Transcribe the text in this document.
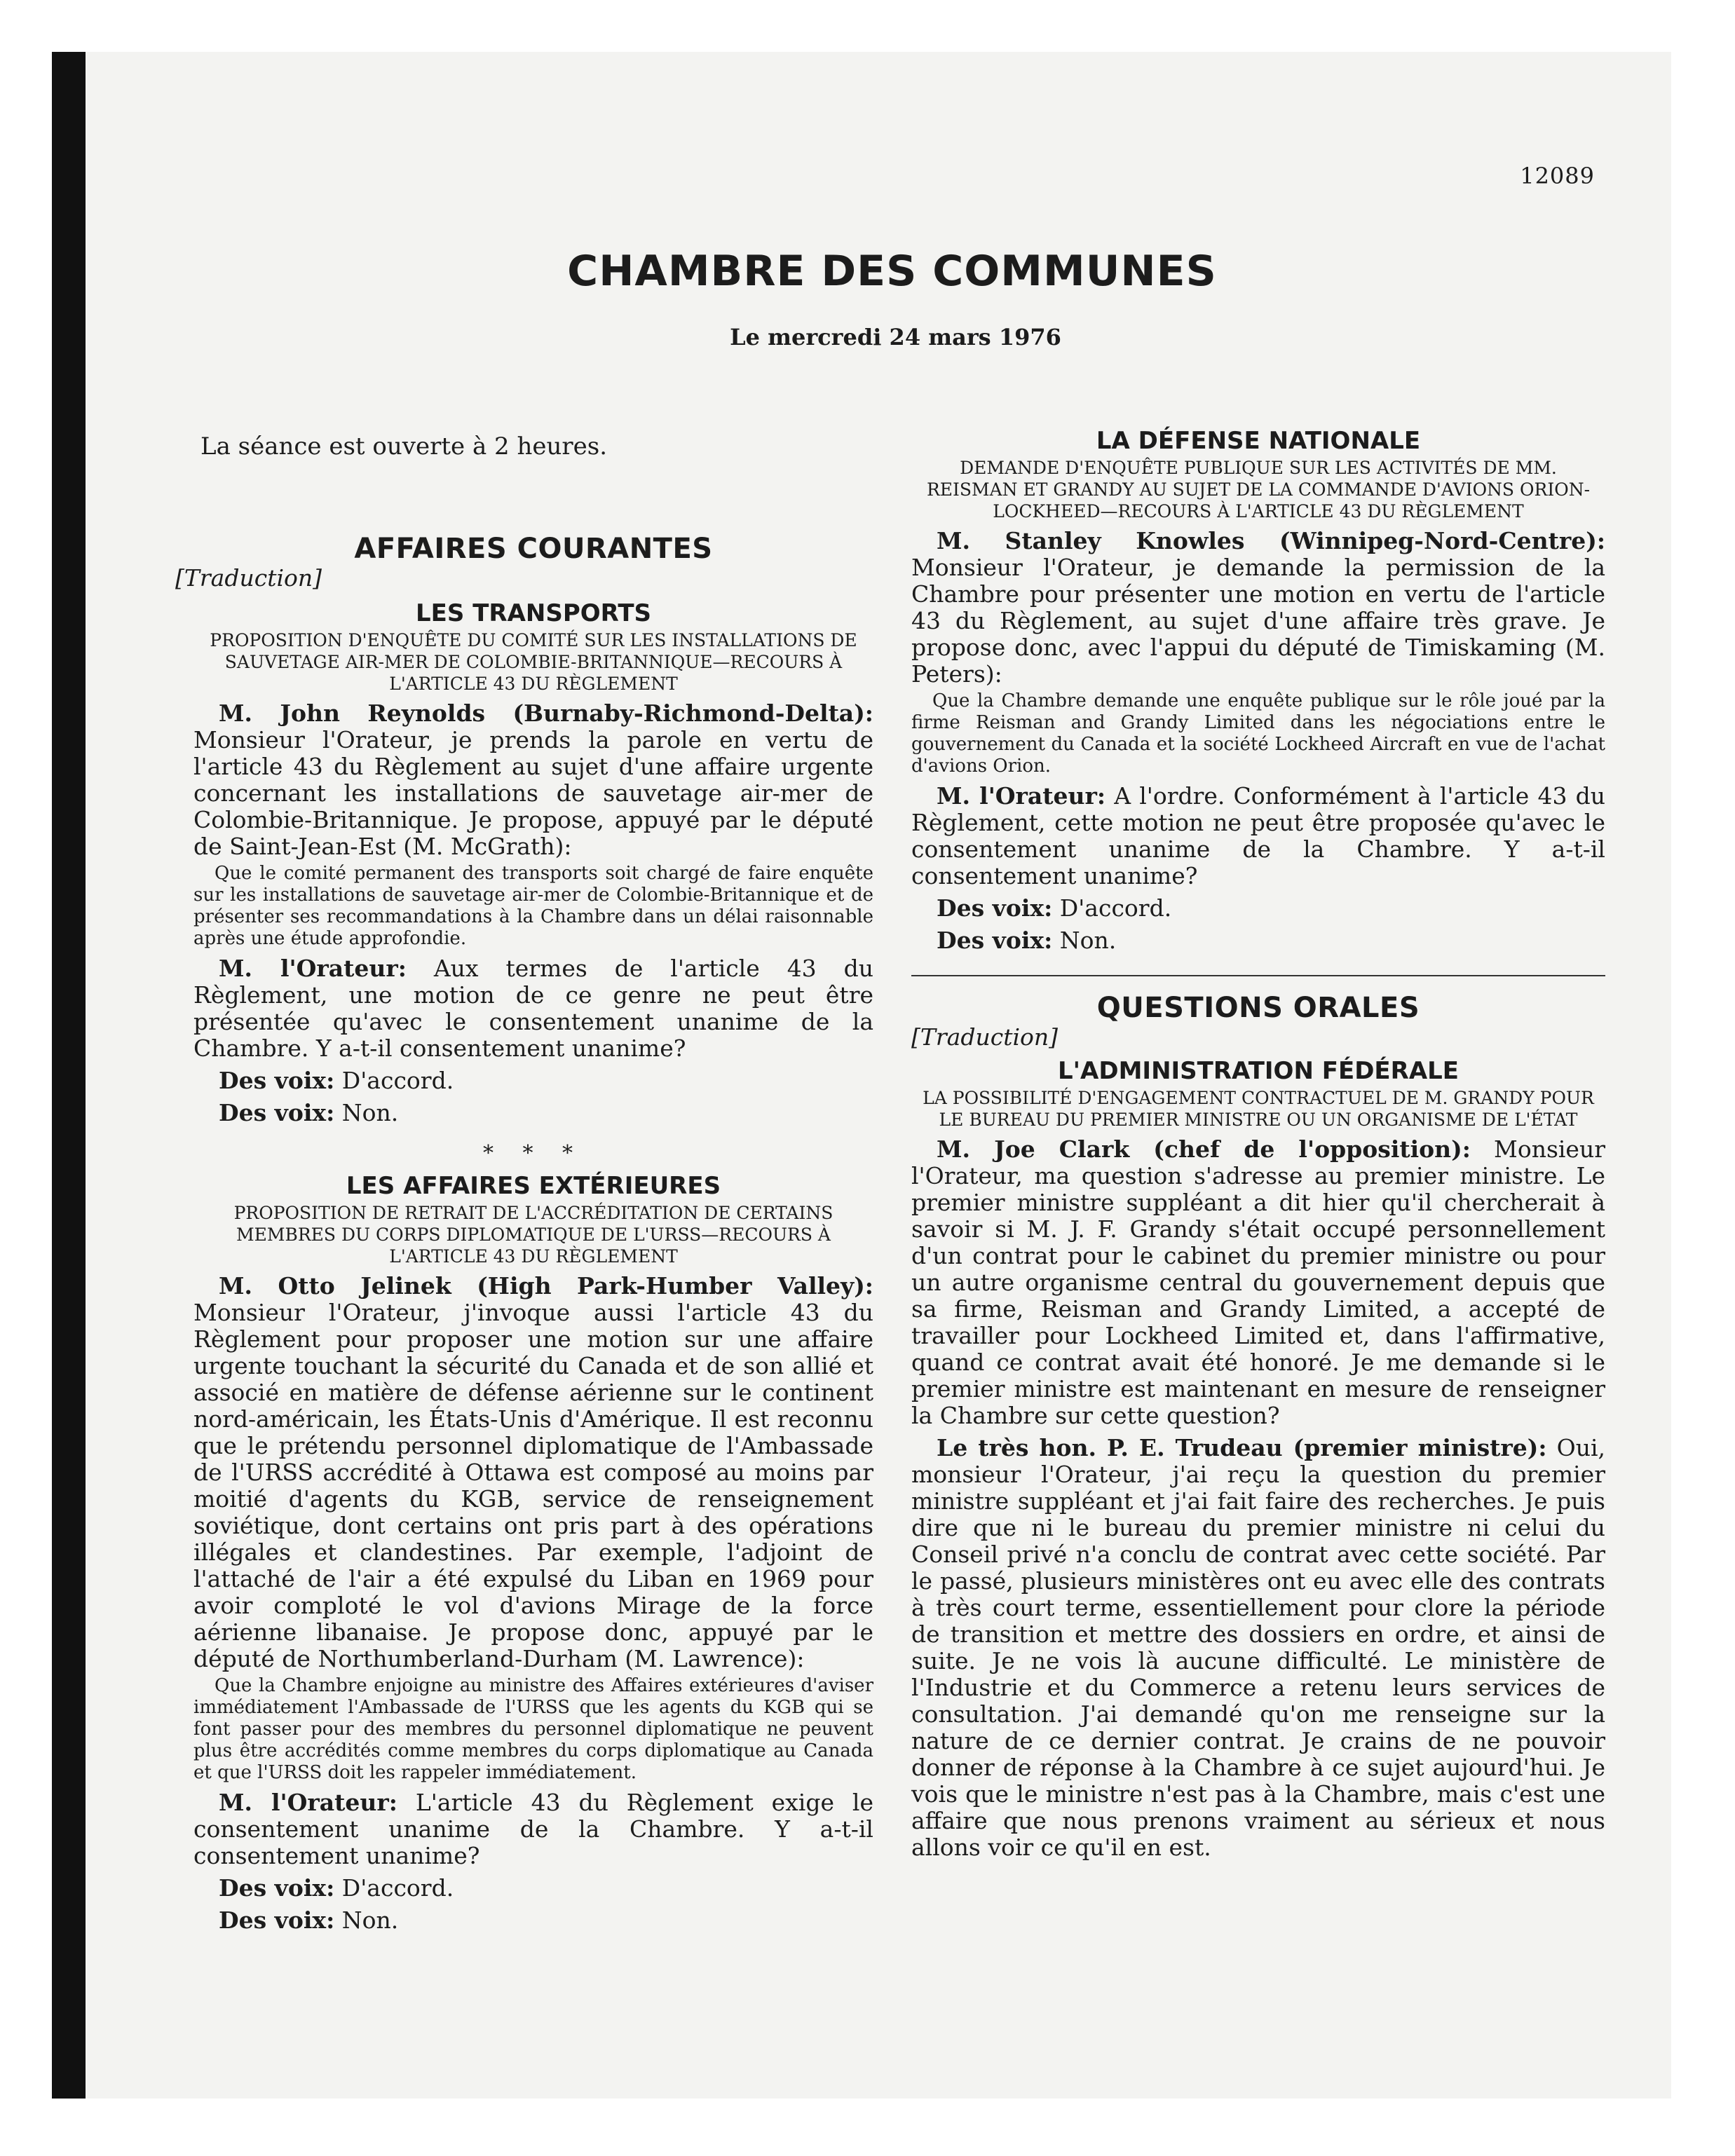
12089
CHAMBRE DES COMMUNES
Le mercredi 24 mars 1976
La séance est ouverte à 2 heures.
AFFAIRES COURANTES
[Traduction]
LES TRANSPORTS
PROPOSITION D'ENQUÊTE DU COMITÉ SUR LES INSTALLATIONS DE SAUVETAGE AIR-MER DE COLOMBIE-BRITANNIQUE—RECOURS À L'ARTICLE 43 DU RÈGLEMENT

M. John Reynolds (Burnaby-Richmond-Delta): Monsieur l'Orateur, je prends la parole en vertu de l'article 43 du Règlement au sujet d'une affaire urgente concernant les installations de sauvetage air-mer de Colombie-Britannique. Je propose, appuyé par le député de Saint-Jean-Est (M. McGrath):

Que le comité permanent des transports soit chargé de faire enquête sur les installations de sauvetage air-mer de Colombie-Britannique et de présenter ses recommandations à la Chambre dans un délai raisonnable après une étude approfondie.

M. l'Orateur: Aux termes de l'article 43 du Règlement, une motion de ce genre ne peut être présentée qu'avec le consentement unanime de la Chambre. Y a-t-il consentement unanime?

Des voix: D'accord.

Des voix: Non.

* * *
LES AFFAIRES EXTÉRIEURES
PROPOSITION DE RETRAIT DE L'ACCRÉDITATION DE CERTAINS MEMBRES DU CORPS DIPLOMATIQUE DE L'URSS—RECOURS À L'ARTICLE 43 DU RÈGLEMENT

M. Otto Jelinek (High Park-Humber Valley): Monsieur l'Orateur, j'invoque aussi l'article 43 du Règlement pour proposer une motion sur une affaire urgente touchant la sécurité du Canada et de son allié et associé en matière de défense aérienne sur le continent nord-américain, les États-Unis d'Amérique. Il est reconnu que le prétendu personnel diplomatique de l'Ambassade de l'URSS accrédité à Ottawa est composé au moins par moitié d'agents du KGB, service de renseignement soviétique, dont certains ont pris part à des opérations illégales et clandestines. Par exemple, l'adjoint de l'attaché de l'air a été expulsé du Liban en 1969 pour avoir comploté le vol d'avions Mirage de la force aérienne libanaise. Je propose donc, appuyé par le député de Northumberland-Durham (M. Lawrence):

Que la Chambre enjoigne au ministre des Affaires extérieures d'aviser immédiatement l'Ambassade de l'URSS que les agents du KGB qui se font passer pour des membres du personnel diplomatique ne peuvent plus être accrédités comme membres du corps diplomatique au Canada et que l'URSS doit les rappeler immédiatement.

M. l'Orateur: L'article 43 du Règlement exige le consentement unanime de la Chambre. Y a-t-il consentement unanime?

Des voix: D'accord.

Des voix: Non.

LA DÉFENSE NATIONALE
DEMANDE D'ENQUÊTE PUBLIQUE SUR LES ACTIVITÉS DE MM. REISMAN ET GRANDY AU SUJET DE LA COMMANDE D'AVIONS ORION-LOCKHEED—RECOURS À L'ARTICLE 43 DU RÈGLEMENT

M. Stanley Knowles (Winnipeg-Nord-Centre): Monsieur l'Orateur, je demande la permission de la Chambre pour présenter une motion en vertu de l'article 43 du Règlement, au sujet d'une affaire très grave. Je propose donc, avec l'appui du député de Timiskaming (M. Peters):

Que la Chambre demande une enquête publique sur le rôle joué par la firme Reisman and Grandy Limited dans les négociations entre le gouvernement du Canada et la société Lockheed Aircraft en vue de l'achat d'avions Orion.

M. l'Orateur: A l'ordre. Conformément à l'article 43 du Règlement, cette motion ne peut être proposée qu'avec le consentement unanime de la Chambre. Y a-t-il consentement unanime?

Des voix: D'accord.

Des voix: Non.

QUESTIONS ORALES
[Traduction]
L'ADMINISTRATION FÉDÉRALE
LA POSSIBILITÉ D'ENGAGEMENT CONTRACTUEL DE M. GRANDY POUR LE BUREAU DU PREMIER MINISTRE OU UN ORGANISME DE L'ÉTAT

M. Joe Clark (chef de l'opposition): Monsieur l'Orateur, ma question s'adresse au premier ministre. Le premier ministre suppléant a dit hier qu'il chercherait à savoir si M. J. F. Grandy s'était occupé personnellement d'un contrat pour le cabinet du premier ministre ou pour un autre organisme central du gouvernement depuis que sa firme, Reisman and Grandy Limited, a accepté de travailler pour Lockheed Limited et, dans l'affirmative, quand ce contrat avait été honoré. Je me demande si le premier ministre est maintenant en mesure de renseigner la Chambre sur cette question?

Le très hon. P. E. Trudeau (premier ministre): Oui, monsieur l'Orateur, j'ai reçu la question du premier ministre suppléant et j'ai fait faire des recherches. Je puis dire que ni le bureau du premier ministre ni celui du Conseil privé n'a conclu de contrat avec cette société. Par le passé, plusieurs ministères ont eu avec elle des contrats à très court terme, essentiellement pour clore la période de transition et mettre des dossiers en ordre, et ainsi de suite. Je ne vois là aucune difficulté. Le ministère de l'Industrie et du Commerce a retenu leurs services de consultation. J'ai demandé qu'on me renseigne sur la nature de ce dernier contrat. Je crains de ne pouvoir donner de réponse à la Chambre à ce sujet aujourd'hui. Je vois que le ministre n'est pas à la Chambre, mais c'est une affaire que nous prenons vraiment au sérieux et nous allons voir ce qu'il en est.
